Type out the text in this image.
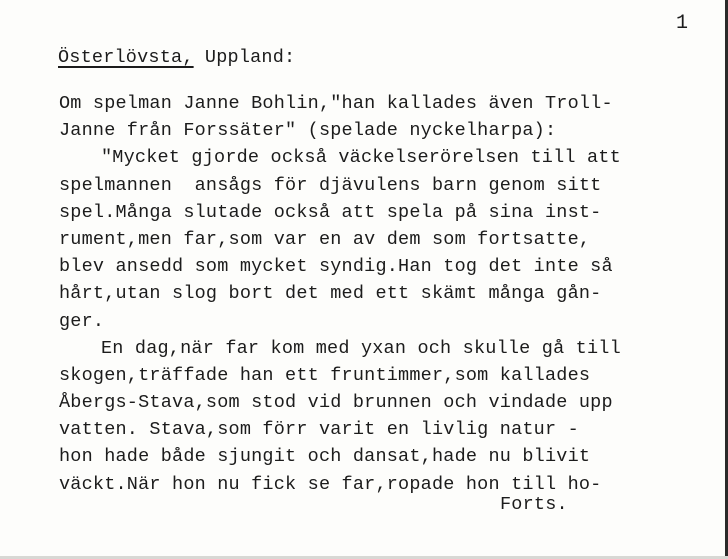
1
Österlövsta, Uppland:
Om spelman Janne Bohlin,"han kallades även Troll-
Janne från Forssäter" (spelade nyckelharpa):
"Mycket gjorde också väckelserörelsen till att
spelmannen  ansågs för djävulens barn genom sitt
spel.Många slutade också att spela på sina inst-
rument,men far,som var en av dem som fortsatte,
blev ansedd som mycket syndig.Han tog det inte så
hårt,utan slog bort det med ett skämt många gån-
ger.
En dag,när far kom med yxan och skulle gå till
skogen,träffade han ett fruntimmer,som kallades
Åbergs-Stava,som stod vid brunnen och vindade upp
vatten. Stava,som förr varit en livlig natur -
hon hade både sjungit och dansat,hade nu blivit
väckt.När hon nu fick se far,ropade hon till ho-
Forts.
